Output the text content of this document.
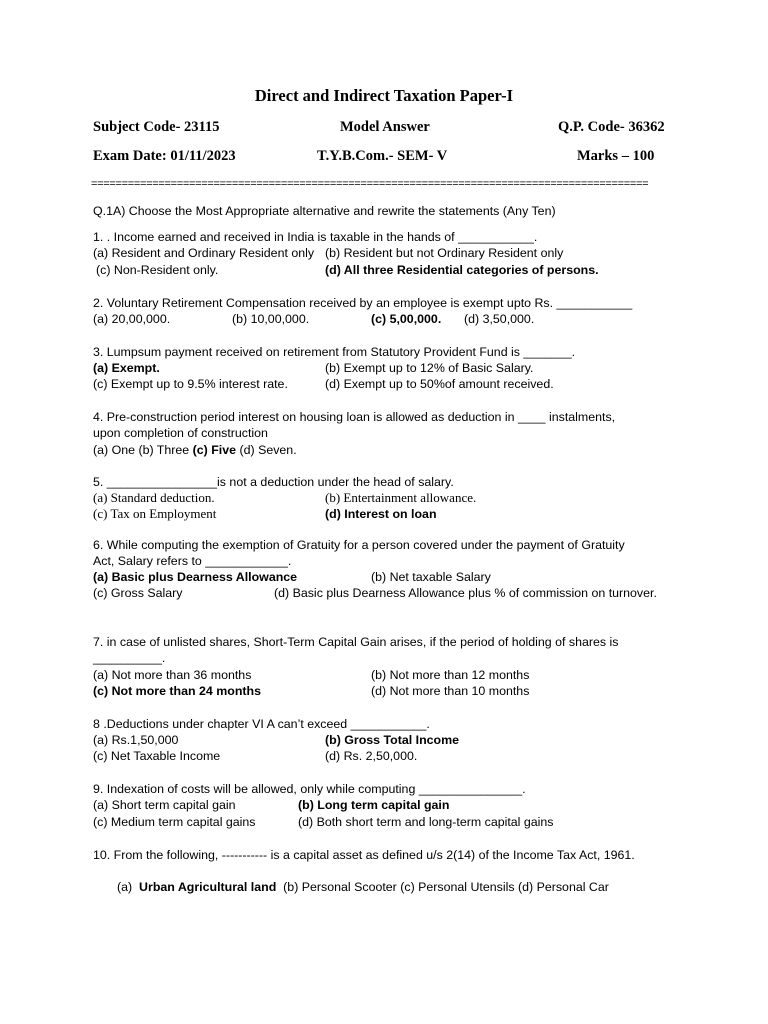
Direct and Indirect Taxation Paper-I
Subject Code- 23115	Model Answer	Q.P. Code- 36362
Exam Date: 01/11/2023	T.Y.B.Com.- SEM- V	Marks – 100
===========================================================================================
Q.1A) Choose the Most Appropriate alternative and rewrite the statements (Any Ten)
1. . Income earned and received in India is taxable in the hands of ___________.
(a) Resident and Ordinary Resident only (b) Resident but not Ordinary Resident only
(c) Non-Resident only.	(d) All three Residential categories of persons.
2. Voluntary Retirement Compensation received by an employee is exempt upto Rs. ___________
(a) 20,00,000.	(b) 10,00,000.	(c) 5,00,000. (d) 3,50,000.
3. Lumpsum payment received on retirement from Statutory Provident Fund is _______.
(a) Exempt.	(b) Exempt up to 12% of Basic Salary.
(c) Exempt up to 9.5% interest rate.	(d) Exempt up to 50%of amount received.
4. Pre-construction period interest on housing loan is allowed as deduction in ____ instalments,
upon completion of construction
(a) One (b) Three (c) Five (d) Seven.
5. ________________is not a deduction under the head of salary.
(a) Standard deduction.	(b) Entertainment allowance.
(c) Tax on Employment	(d) Interest on loan
6. While computing the exemption of Gratuity for a person covered under the payment of Gratuity
Act, Salary refers to ____________.
(a) Basic plus Dearness Allowance	(b) Net taxable Salary
(c) Gross Salary	(d) Basic plus Dearness Allowance plus % of commission on turnover.
7. in case of unlisted shares, Short-Term Capital Gain arises, if the period of holding of shares is
__________.
(a) Not more than 36 months	(b) Not more than 12 months
(c) Not more than 24 months	(d) Not more than 10 months
8 .Deductions under chapter VI A can’t exceed ___________.
(a) Rs.1,50,000	(b) Gross Total Income
(c) Net Taxable Income	(d) Rs. 2,50,000.
9. Indexation of costs will be allowed, only while computing _______________.
(a) Short term capital gain	(b) Long term capital gain
(c) Medium term capital gains	(d) Both short term and long-term capital gains
10. From the following, ----------- is a capital asset as defined u/s 2(14) of the Income Tax Act, 1961.
(a) Urban Agricultural land (b) Personal Scooter (c) Personal Utensils (d) Personal Car
